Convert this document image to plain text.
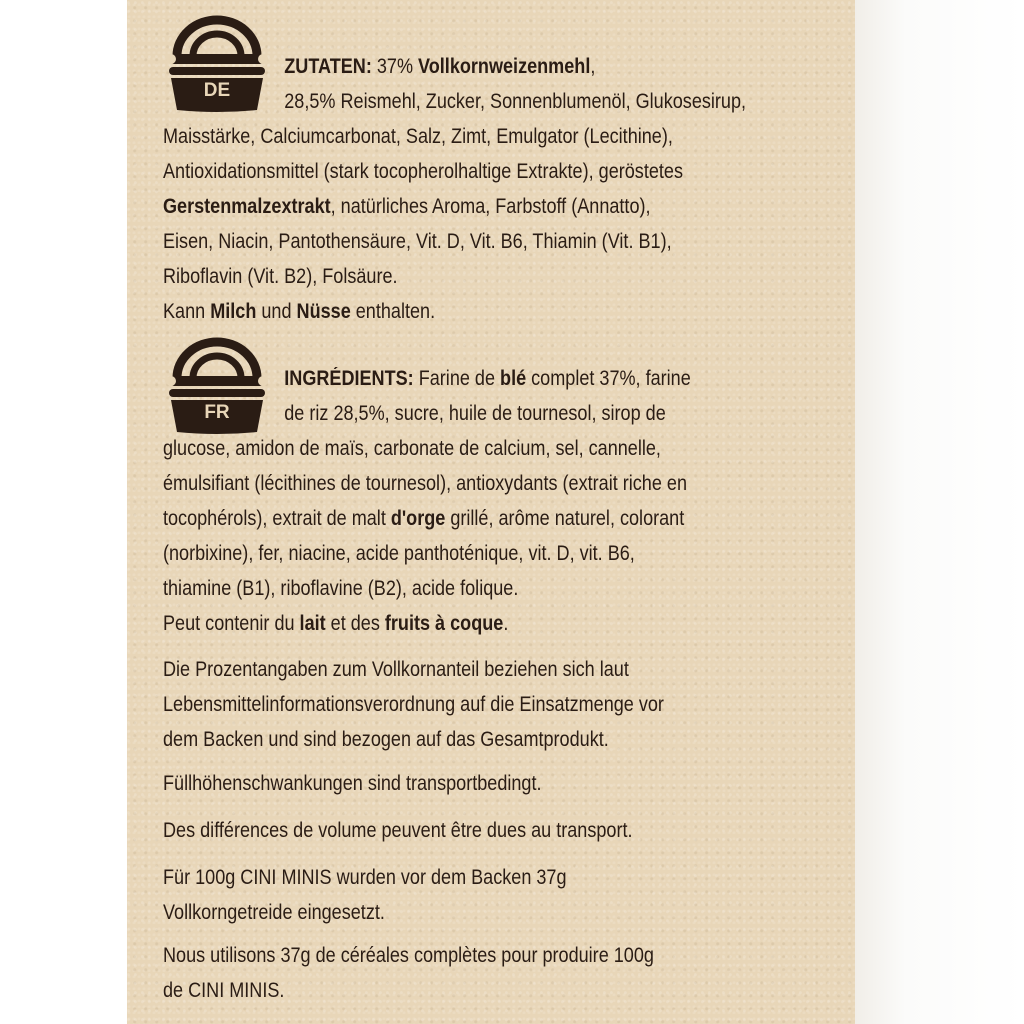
DE
FR
ZUTATEN: 37% Vollkornweizenmehl,
28,5% Reismehl, Zucker, Sonnenblumenöl, Glukosesirup,
Maisstärke, Calciumcarbonat, Salz, Zimt, Emulgator (Lecithine),
Antioxidationsmittel (stark tocopherolhaltige Extrakte), geröstetes
Gerstenmalzextrakt, natürliches Aroma, Farbstoff (Annatto),
Eisen, Niacin, Pantothensäure, Vit. D, Vit. B6, Thiamin (Vit. B1),
Riboflavin (Vit. B2), Folsäure.
Kann Milch und Nüsse enthalten.
INGRÉDIENTS: Farine de blé complet 37%, farine
de riz 28,5%, sucre, huile de tournesol, sirop de
glucose, amidon de maïs, carbonate de calcium, sel, cannelle,
émulsifiant (lécithines de tournesol), antioxydants (extrait riche en
tocophérols), extrait de malt d'orge grillé, arôme naturel, colorant
(norbixine), fer, niacine, acide panthoténique, vit. D, vit. B6,
thiamine (B1), riboflavine (B2), acide folique.
Peut contenir du lait et des fruits à coque.
Die Prozentangaben zum Vollkornanteil beziehen sich laut
Lebensmittelinformationsverordnung auf die Einsatzmenge vor
dem Backen und sind bezogen auf das Gesamtprodukt.
Füllhöhenschwankungen sind transportbedingt.
Des différences de volume peuvent être dues au transport.
Für 100g CINI MINIS wurden vor dem Backen 37g
Vollkorngetreide eingesetzt.
Nous utilisons 37g de céréales complètes pour produire 100g
de CINI MINIS.
